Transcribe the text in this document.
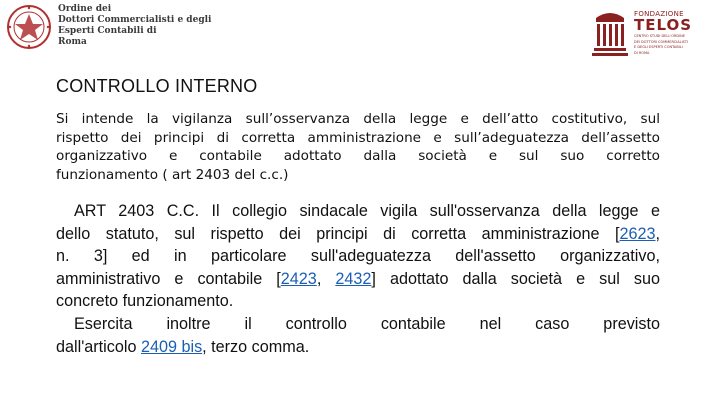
Ordine dei
Dottori Commercialisti e degli
Esperti Contabili di
Roma
FONDAZIONE
TELOS
CENTRO STUDI DELL'ORDINE
DEI DOTTORI COMMERCIALISTI
E DEGLI ESPERTI CONTABILI
DI ROMA
CONTROLLO INTERNO
Si intende la vigilanza sull’osservanza della legge e dell’atto costitutivo, sul
rispetto dei principi di corretta amministrazione e sull’adeguatezza dell’assetto
organizzativo e contabile adottato dalla società e sul suo corretto
funzionamento ( art 2403 del c.c.)
ART 2403 C.C. Il collegio sindacale vigila sull'osservanza della legge e
dello statuto, sul rispetto dei principi di corretta amministrazione [2623,
n. 3] ed in particolare sull'adeguatezza dell'assetto organizzativo,
amministrativo e contabile [2423, 2432] adottato dalla società e sul suo
concreto funzionamento.
Esercita inoltre il controllo contabile nel caso previsto
dall'articolo 2409 bis, terzo comma.
